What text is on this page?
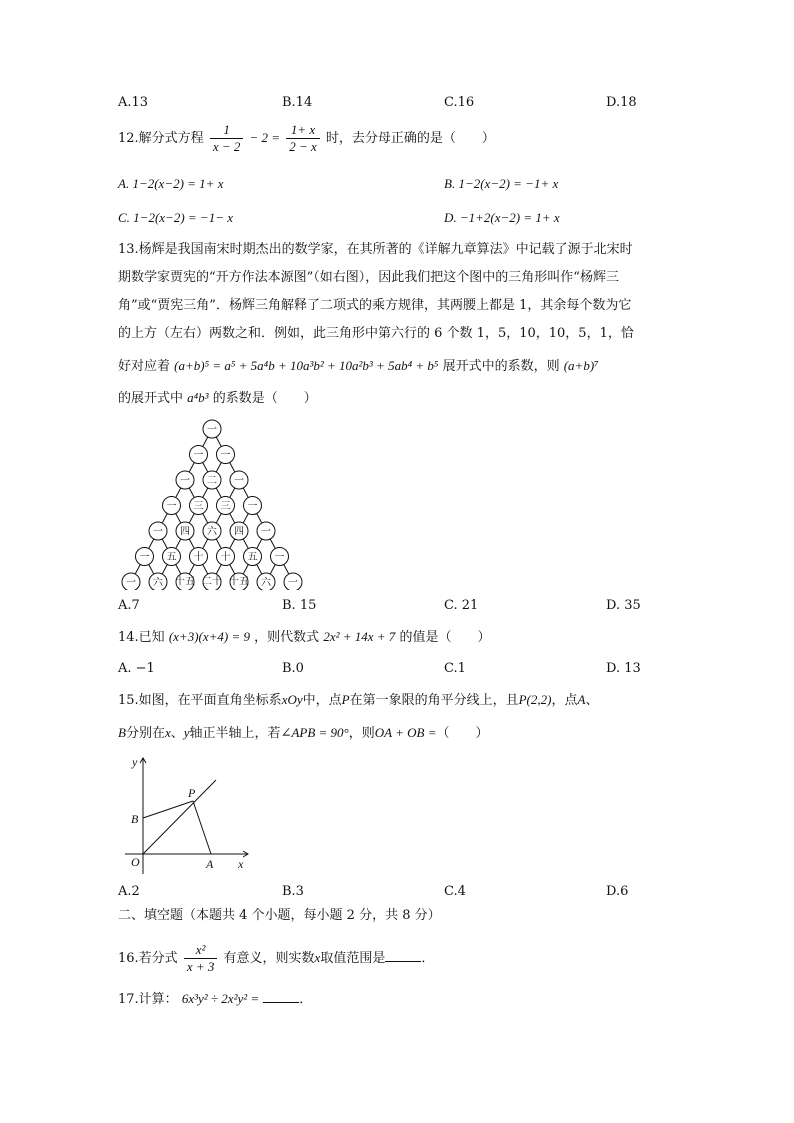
A.13	B.14	C.16	D.18
12.解分式方程 $\frac{1}{x - 2} - 2 = \frac{1+ x}{2 - x}$ 时，去分母正确的是（　　）
A. 1−2(x−2) = 1+ x	B. 1−2(x−2) = −1+ x
C. 1−2(x−2) = −1− x	D. −1+2(x−2) = 1+ x
13.杨辉是我国南宋时期杰出的数学家，在其所著的《详解九章算法》中记载了源于北宋时
期数学家贾宪的“开方作法本源图”（如右图），因此我们把这个图中的三角形叫作“杨辉三
角”或“贾宪三角”．杨辉三角解释了二项式的乘方规律，其两腰上都是 1，其余每个数为它
的上方（左右）两数之和．例如，此三角形中第六行的 6 个数 1，5，10，10，5，1，恰
好对应着 (a+b)⁵ = a⁵ + 5a⁴b + 10a³b² + 10a²b³ + 5ab⁴ + b⁵ 展开式中的系数，则 (a+b)⁷
的展开式中 a⁴b³ 的系数是（　　）
一
一 一
一 二 一
一 三 三 一
一 四 六 四 一
一 五 十 十 五 一
一 六 十五 二十 十五 六 一
A.7	B. 15	C. 21	D. 35
14.已知 (x+3)(x+4) = 9 ，则代数式 2x² + 14x + 7 的值是（　　）
A. −1	B.0	C.1	D. 13
15.如图，在平面直角坐标系xOy中，点P在第一象限的角平分线上，且P(2,2)，点A、
B分别在x、y轴正半轴上，若∠APB = 90°，则OA + OB =（　　）
y
x
O	A
B
P
A.2	B.3	C.4	D.6
二、填空题（本题共 4 个小题，每小题 2 分，共 8 分）
16.若分式 $\frac{\text{x²}}{x + 3}$ 有意义，则实数x取值范围是	．
17.计算： 6x³y² ÷ 2x²y² =	．
